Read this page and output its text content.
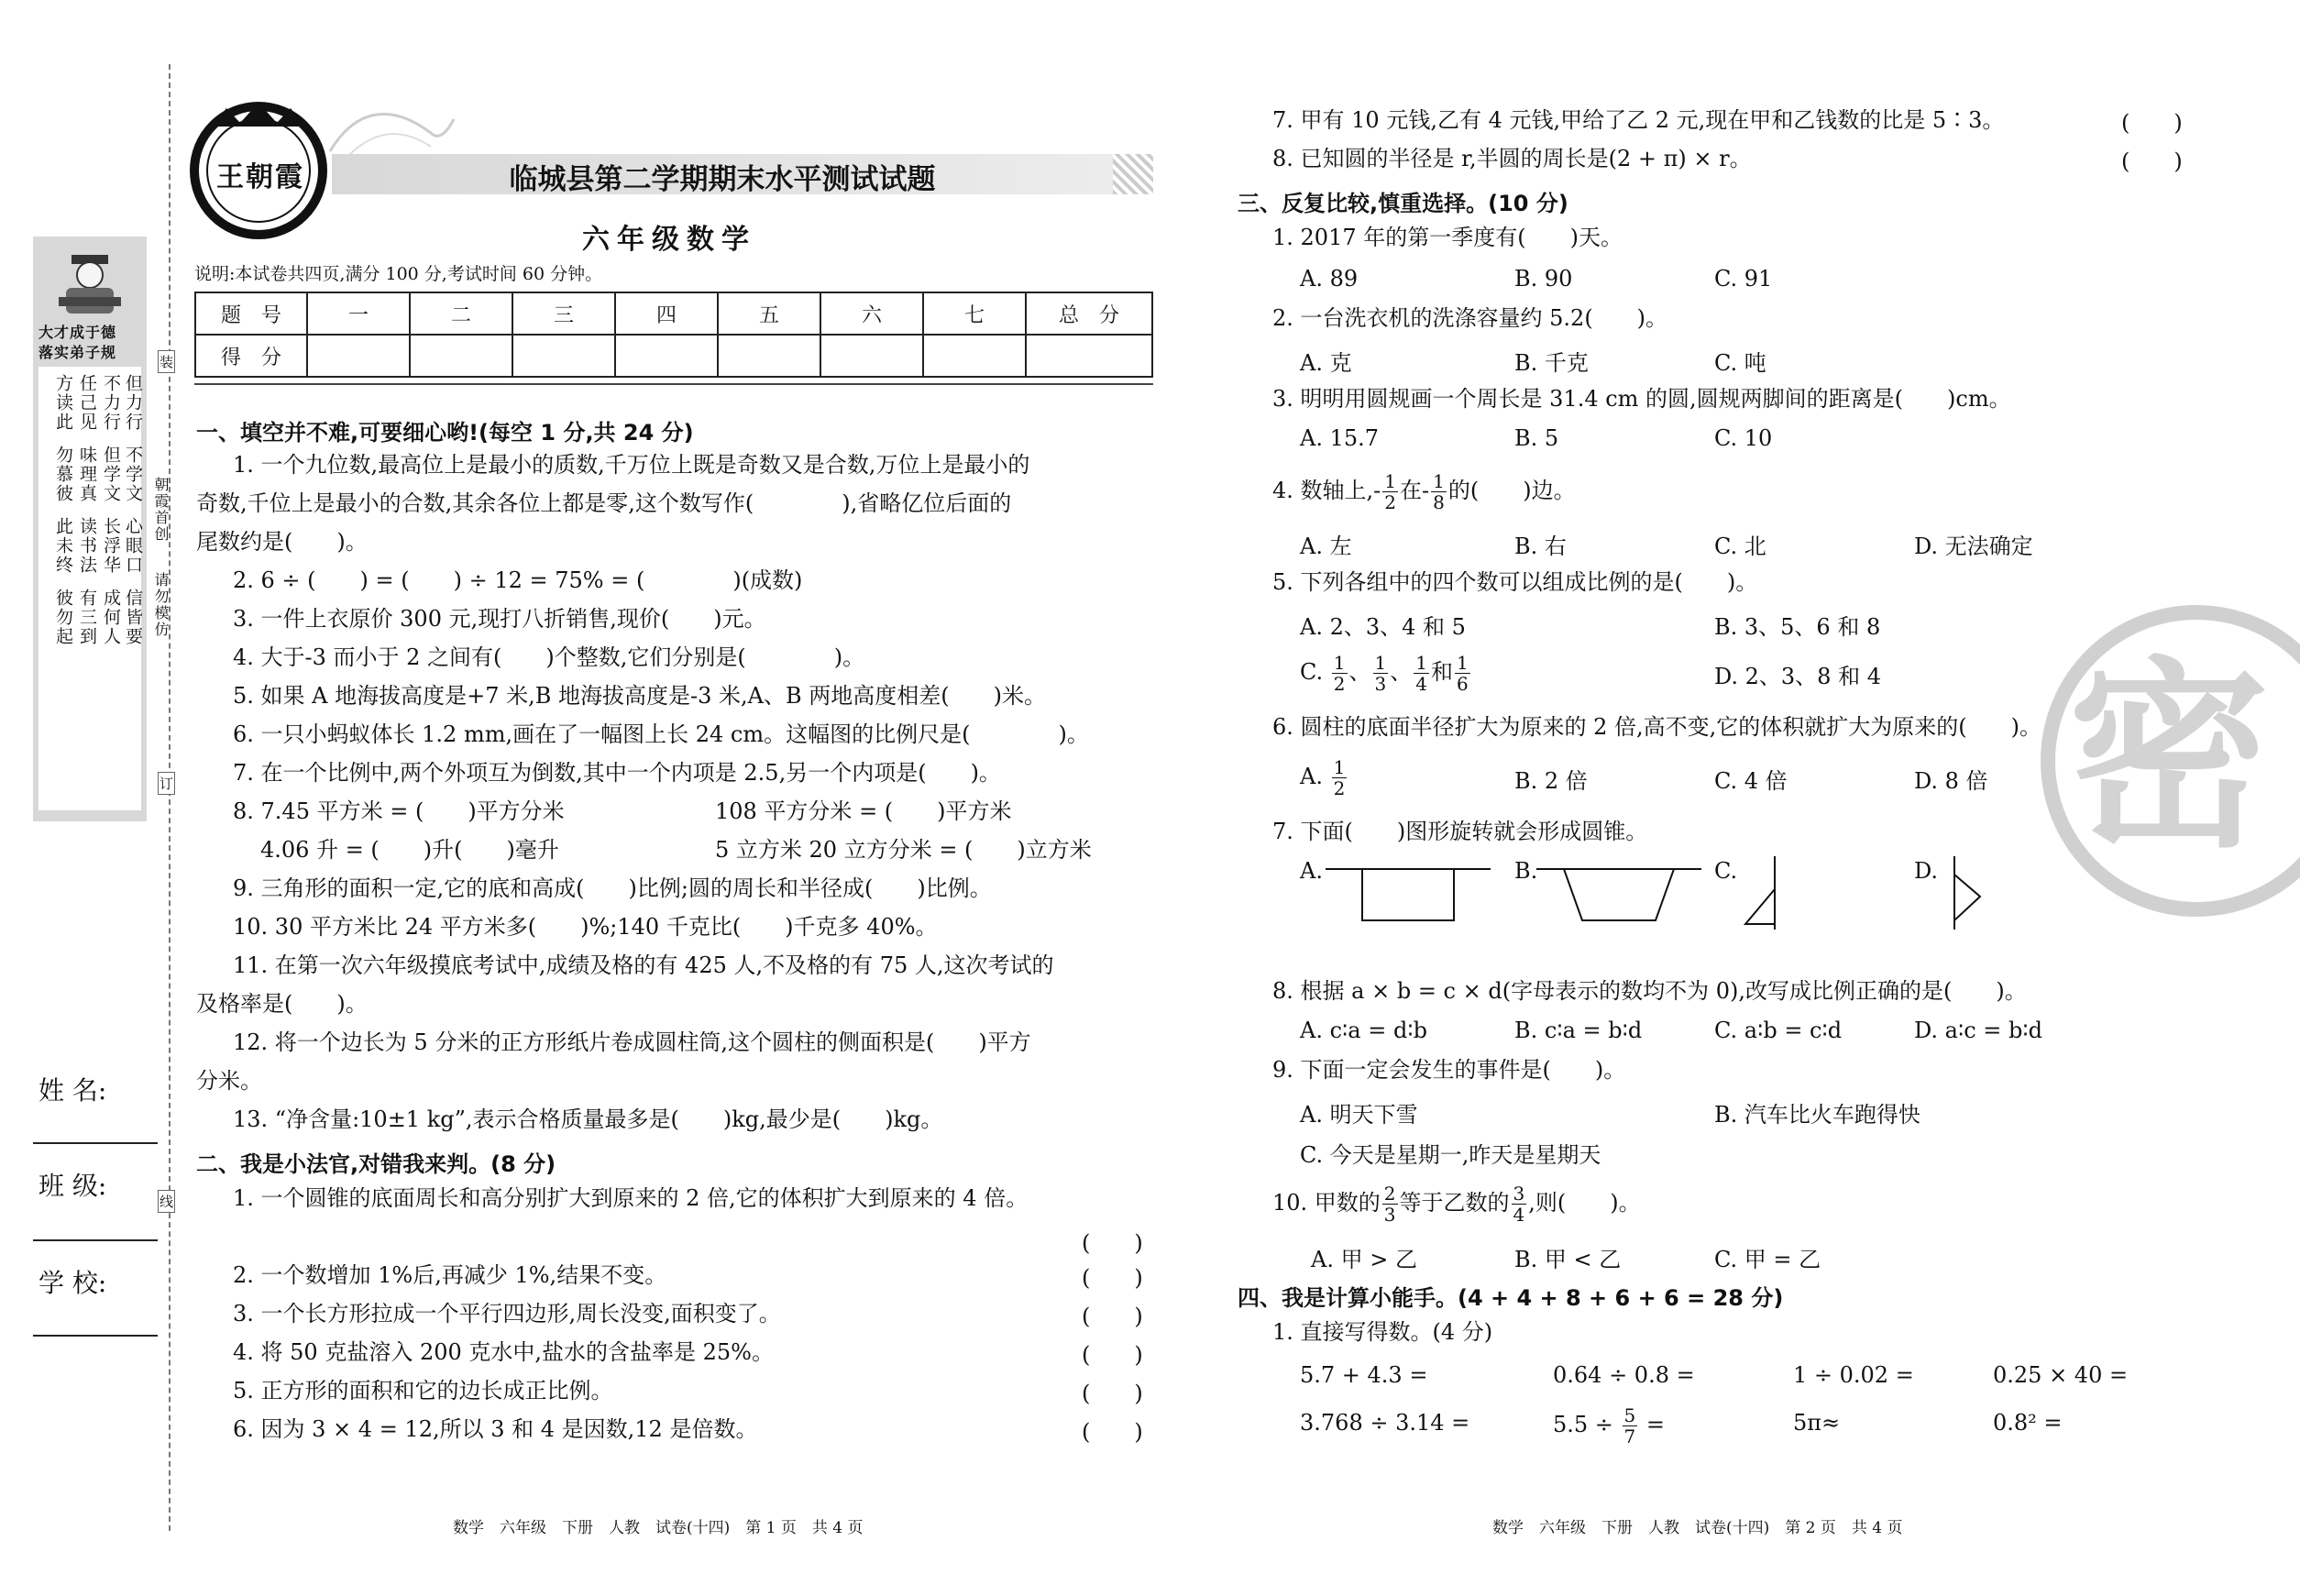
大才成于德
落实弟子规
方读此
勿慕彼
此未终
彼勿起
任己见
味理真
读书法
有三到
不力行
但学文
长浮华
成何人
但力行
不学文
心眼口
信皆要
朝霞首创
请勿模仿
装
订
线
姓 名:
班 级:
学 校:
王朝霞	临城县第二学期期末水平测试试题
六年级数学
说明:本试卷共四页,满分 100 分,考试时间 60 分钟。
题　号	一	二	三	四	五	六	七	总　分
得　分								
一、填空并不难,可要细心哟!(每空 1 分,共 24 分)
1. 一个九位数,最高位上是最小的质数,千万位上既是奇数又是合数,万位上是最小的
奇数,千位上是最小的合数,其余各位上都是零,这个数写作(　　　　),省略亿位后面的
尾数约是(　　)。
2. 6 ÷ (　　) = (　　) ÷ 12 = 75% = (　　　　)(成数)
3. 一件上衣原价 300 元,现打八折销售,现价(　　)元。
4. 大于-3 而小于 2 之间有(　　)个整数,它们分别是(　　　　)。
5. 如果 A 地海拔高度是+7 米,B 地海拔高度是-3 米,A、B 两地高度相差(　　)米。
6. 一只小蚂蚁体长 1.2 mm,画在了一幅图上长 24 cm。这幅图的比例尺是(　　　　)。
7. 在一个比例中,两个外项互为倒数,其中一个内项是 2.5,另一个内项是(　　)。
8. 7.45 平方米 = (　　)平方分米	108 平方分米 = (　　)平方米
4.06 升 = (　　)升(　　)毫升	5 立方米 20 立方分米 = (　　)立方米
9. 三角形的面积一定,它的底和高成(　　)比例;圆的周长和半径成(　　)比例。
10. 30 平方米比 24 平方米多(　　)%;140 千克比(　　)千克多 40%。
11. 在第一次六年级摸底考试中,成绩及格的有 425 人,不及格的有 75 人,这次考试的
及格率是(　　)。
12. 将一个边长为 5 分米的正方形纸片卷成圆柱筒,这个圆柱的侧面积是(　　)平方
分米。
13. “净含量:10±1 kg”,表示合格质量最多是(　　)kg,最少是(　　)kg。
二、我是小法官,对错我来判。(8 分)
1. 一个圆锥的底面周长和高分别扩大到原来的 2 倍,它的体积扩大到原来的 4 倍。
(　　)
2. 一个数增加 1%后,再减少 1%,结果不变。	(　　)
3. 一个长方形拉成一个平行四边形,周长没变,面积变了。	(　　)
4. 将 50 克盐溶入 200 克水中,盐水的含盐率是 25%。	(　　)
5. 正方形的面积和它的边长成正比例。	(　　)
6. 因为 3 × 4 = 12,所以 3 和 4 是因数,12 是倍数。	(　　)
数学　六年级　下册　人教　试卷(十四)　第 1 页　共 4 页
密
7. 甲有 10 元钱,乙有 4 元钱,甲给了乙 2 元,现在甲和乙钱数的比是 5∶3。	(　　)
8. 已知圆的半径是 r,半圆的周长是(2 + π) × r。	(　　)
三、反复比较,慎重选择。(10 分)
1. 2017 年的第一季度有(　　)天。
A. 89	B. 90	C. 91
2. 一台洗衣机的洗涤容量约 5.2(　　)。
A. 克	B. 千克	C. 吨
3. 明明用圆规画一个周长是 31.4 cm 的圆,圆规两脚间的距离是(　　)cm。
A. 15.7	B. 5	C. 10
4. 数轴上,- $\frac{1}{2}$ 在- $\frac{1}{8}$ 的(　　)边。
A. 左	B. 右	C. 北	D. 无法确定
5. 下列各组中的四个数可以组成比例的是(　　)。
A. 2、3、4 和 5	B. 3、5、6 和 8
C. $\frac{1}{2}$ 、 $\frac{1}{3}$ 、 $\frac{1}{4}$ 和 $\frac{1}{6}$	D. 2、3、8 和 4
6. 圆柱的底面半径扩大为原来的 2 倍,高不变,它的体积就扩大为原来的(　　)。
A. $\frac{1}{2}$	B. 2 倍	C. 4 倍	D. 8 倍
7. 下面(　　)图形旋转就会形成圆锥。
A.	B.	C.	D.
8. 根据 a × b = c × d(字母表示的数均不为 0),改写成比例正确的是(　　)。
A. c∶a = d∶b	B. c∶a = b∶d	C. a∶b = c∶d	D. a∶c = b∶d
9. 下面一定会发生的事件是(　　)。
A. 明天下雪	B. 汽车比火车跑得快
C. 今天是星期一,昨天是星期天
10. 甲数的 $\frac{2}{3}$ 等于乙数的 $\frac{3}{4}$ ,则(　　)。
A. 甲 > 乙	B. 甲 < 乙	C. 甲 = 乙
四、我是计算小能手。(4 + 4 + 8 + 6 + 6 = 28 分)
1. 直接写得数。(4 分)
5.7 + 4.3 =	0.64 ÷ 0.8 =	1 ÷ 0.02 =	0.25 × 40 =
3.768 ÷ 3.14 =	$5.5 \div \frac{5}{7}$ =	5π≈	0.8² =
数学　六年级　下册　人教　试卷(十四)　第 2 页　共 4 页
